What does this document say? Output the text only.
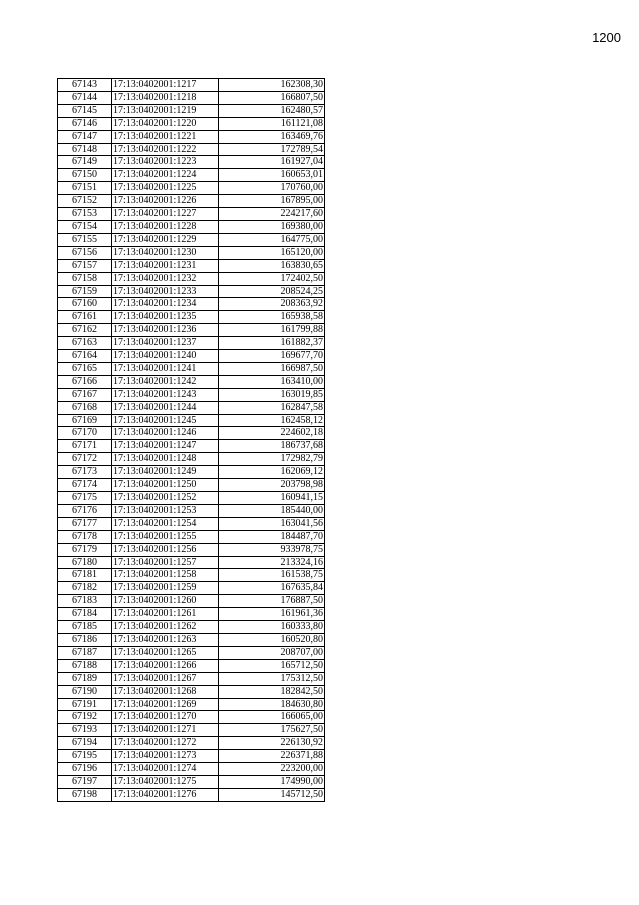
1200
67143	17:13:0402001:1217	162308,30
67144	17:13:0402001:1218	166807,50
67145	17:13:0402001:1219	162480,57
67146	17:13:0402001:1220	161121,08
67147	17:13:0402001:1221	163469,76
67148	17:13:0402001:1222	172789,54
67149	17:13:0402001:1223	161927,04
67150	17:13:0402001:1224	160653,01
67151	17:13:0402001:1225	170760,00
67152	17:13:0402001:1226	167895,00
67153	17:13:0402001:1227	224217,60
67154	17:13:0402001:1228	169380,00
67155	17:13:0402001:1229	164775,00
67156	17:13:0402001:1230	165120,00
67157	17:13:0402001:1231	163830,65
67158	17:13:0402001:1232	172402,50
67159	17:13:0402001:1233	208524,25
67160	17:13:0402001:1234	208363,92
67161	17:13:0402001:1235	165938,58
67162	17:13:0402001:1236	161799,88
67163	17:13:0402001:1237	161882,37
67164	17:13:0402001:1240	169677,70
67165	17:13:0402001:1241	166987,50
67166	17:13:0402001:1242	163410,00
67167	17:13:0402001:1243	163019,85
67168	17:13:0402001:1244	162847,58
67169	17:13:0402001:1245	162458,12
67170	17:13:0402001:1246	224602,18
67171	17:13:0402001:1247	186737,68
67172	17:13:0402001:1248	172982,79
67173	17:13:0402001:1249	162069,12
67174	17:13:0402001:1250	203798,98
67175	17:13:0402001:1252	160941,15
67176	17:13:0402001:1253	185440,00
67177	17:13:0402001:1254	163041,56
67178	17:13:0402001:1255	184487,70
67179	17:13:0402001:1256	933978,75
67180	17:13:0402001:1257	213324,16
67181	17:13:0402001:1258	161538,75
67182	17:13:0402001:1259	167635,84
67183	17:13:0402001:1260	176887,50
67184	17:13:0402001:1261	161961,36
67185	17:13:0402001:1262	160333,80
67186	17:13:0402001:1263	160520,80
67187	17:13:0402001:1265	208707,00
67188	17:13:0402001:1266	165712,50
67189	17:13:0402001:1267	175312,50
67190	17:13:0402001:1268	182842,50
67191	17:13:0402001:1269	184630,80
67192	17:13:0402001:1270	166065,00
67193	17:13:0402001:1271	175627,50
67194	17:13:0402001:1272	226130,92
67195	17:13:0402001:1273	226371,88
67196	17:13:0402001:1274	223200,00
67197	17:13:0402001:1275	174990,00
67198	17:13:0402001:1276	145712,50
